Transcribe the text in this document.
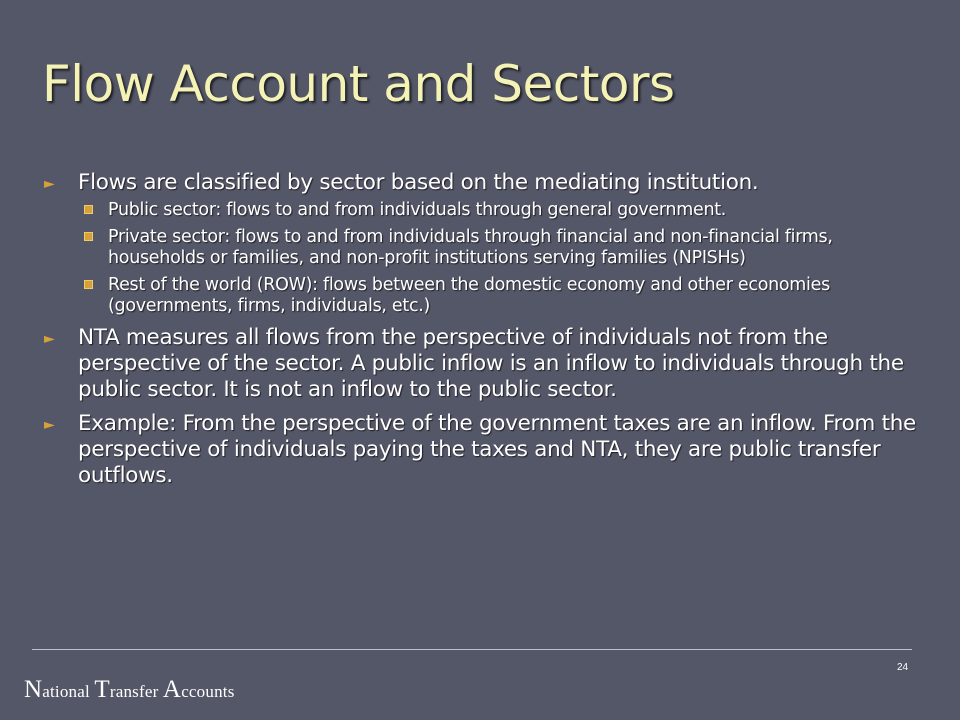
Flow Account and Sectors
► Flows are classified by sector based on the mediating institution.
Public sector: flows to and from individuals through general government.
Private sector: flows to and from individuals through financial and non-financial firms, households or families, and non-profit institutions serving families (NPISHs)
Rest of the world (ROW): flows between the domestic economy and other economies (governments, firms, individuals, etc.)
► NTA measures all flows from the perspective of individuals not from the perspective of the sector. A public inflow is an inflow to individuals through the public sector. It is not an inflow to the public sector.
► Example: From the perspective of the government taxes are an inflow. From the perspective of individuals paying the taxes and NTA, they are public transfer outflows.
National Transfer Accounts
24
